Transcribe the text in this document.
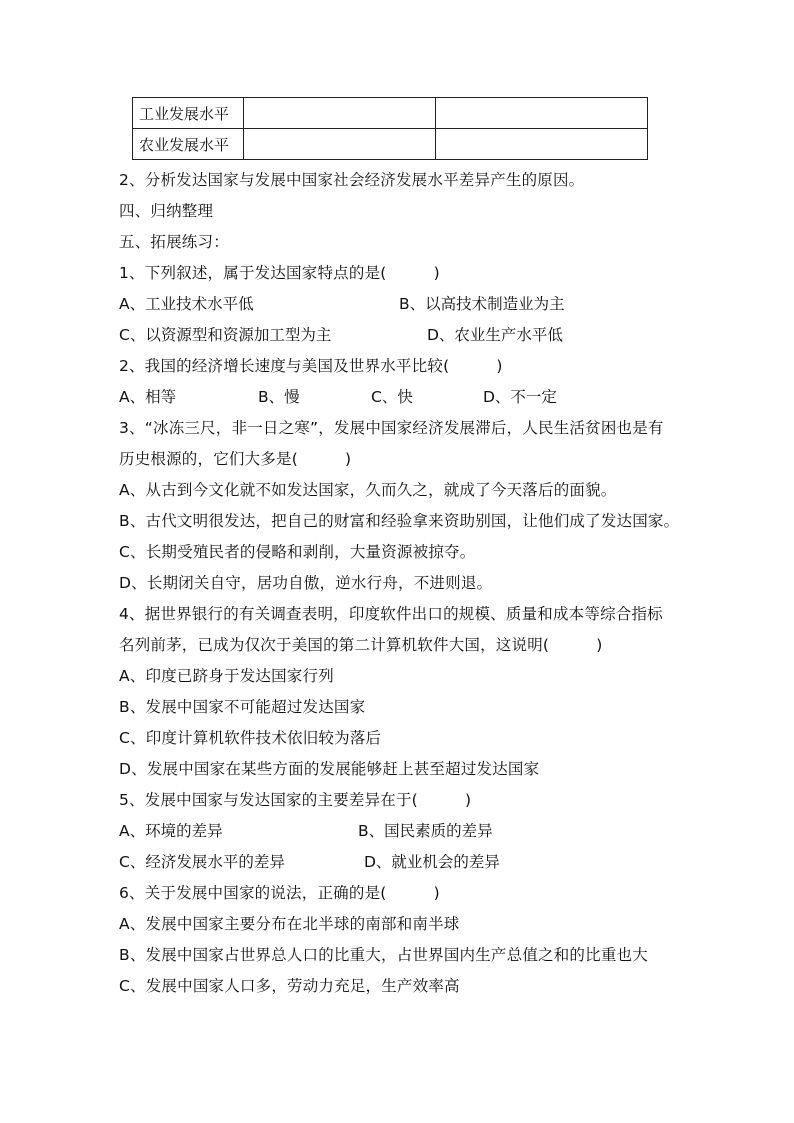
工业发展水平		
农业发展水平		
2、分析发达国家与发展中国家社会经济发展水平差异产生的原因。
四、归纳整理
五、拓展练习：
1、下列叙述，属于发达国家特点的是(　　　)
A、工业技术水平低	B、以高技术制造业为主
C、以资源型和资源加工型为主	D、农业生产水平低
2、我国的经济增长速度与美国及世界水平比较(　　　)
A、相等	B、慢	C、快	D、不一定
3、“冰冻三尺，非一日之寒”，发展中国家经济发展滞后，人民生活贫困也是有
历史根源的，它们大多是(　　　)
A、从古到今文化就不如发达国家，久而久之，就成了今天落后的面貌。
B、古代文明很发达，把自己的财富和经验拿来资助别国，让他们成了发达国家。
C、长期受殖民者的侵略和剥削，大量资源被掠夺。
D、长期闭关自守，居功自傲，逆水行舟，不进则退。
4、据世界银行的有关调查表明，印度软件出口的规模、质量和成本等综合指标
名列前茅，已成为仅次于美国的第二计算机软件大国，这说明(　　　)
A、印度已跻身于发达国家行列
B、发展中国家不可能超过发达国家
C、印度计算机软件技术依旧较为落后
D、发展中国家在某些方面的发展能够赶上甚至超过发达国家
5、发展中国家与发达国家的主要差异在于(　　　)
A、环境的差异	B、国民素质的差异
C、经济发展水平的差异	D、就业机会的差异
6、关于发展中国家的说法，正确的是(　　　)
A、发展中国家主要分布在北半球的南部和南半球
B、发展中国家占世界总人口的比重大，占世界国内生产总值之和的比重也大
C、发展中国家人口多，劳动力充足，生产效率高
